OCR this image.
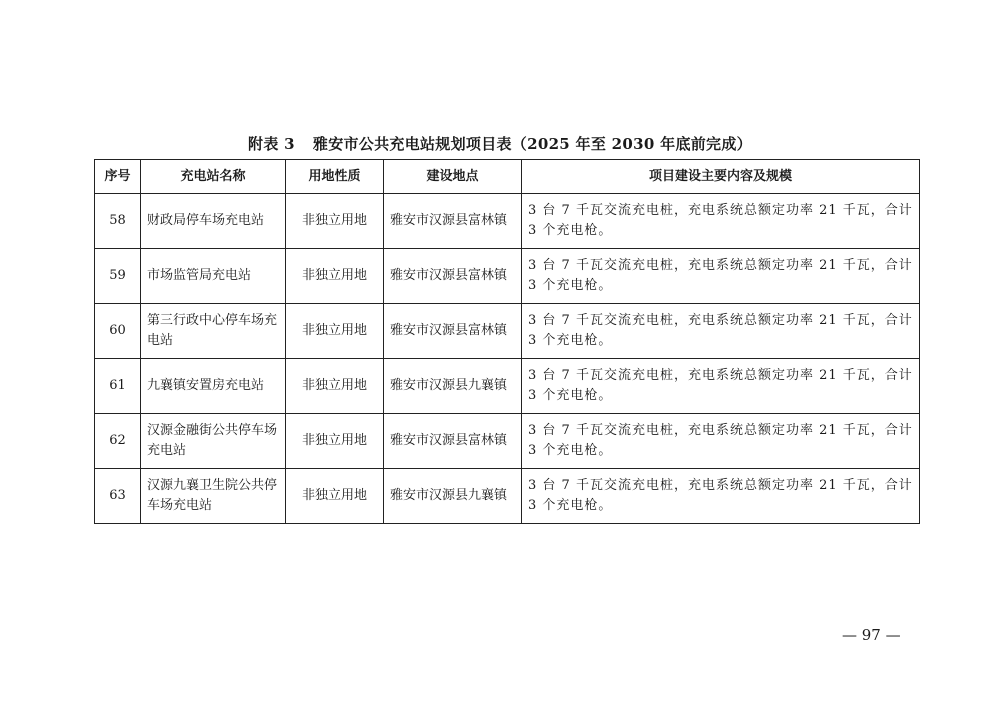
附表 3 雅安市公共充电站规划项目表（2025 年至 2030 年底前完成）
序号	充电站名称	用地性质	建设地点	项目建设主要内容及规模
58	财政局停车场充电站	非独立用地	雅安市汉源县富林镇	3 台 7 千瓦交流充电桩，充电系统总额定功率 21 千瓦，合计 3 个充电枪。
59	市场监管局充电站	非独立用地	雅安市汉源县富林镇	3 台 7 千瓦交流充电桩，充电系统总额定功率 21 千瓦，合计 3 个充电枪。
60	第三行政中心停车场充电站	非独立用地	雅安市汉源县富林镇	3 台 7 千瓦交流充电桩，充电系统总额定功率 21 千瓦，合计 3 个充电枪。
61	九襄镇安置房充电站	非独立用地	雅安市汉源县九襄镇	3 台 7 千瓦交流充电桩，充电系统总额定功率 21 千瓦，合计 3 个充电枪。
62	汉源金融街公共停车场充电站	非独立用地	雅安市汉源县富林镇	3 台 7 千瓦交流充电桩，充电系统总额定功率 21 千瓦，合计 3 个充电枪。
63	汉源九襄卫生院公共停车场充电站	非独立用地	雅安市汉源县九襄镇	3 台 7 千瓦交流充电桩，充电系统总额定功率 21 千瓦，合计 3 个充电枪。
— 97 —
